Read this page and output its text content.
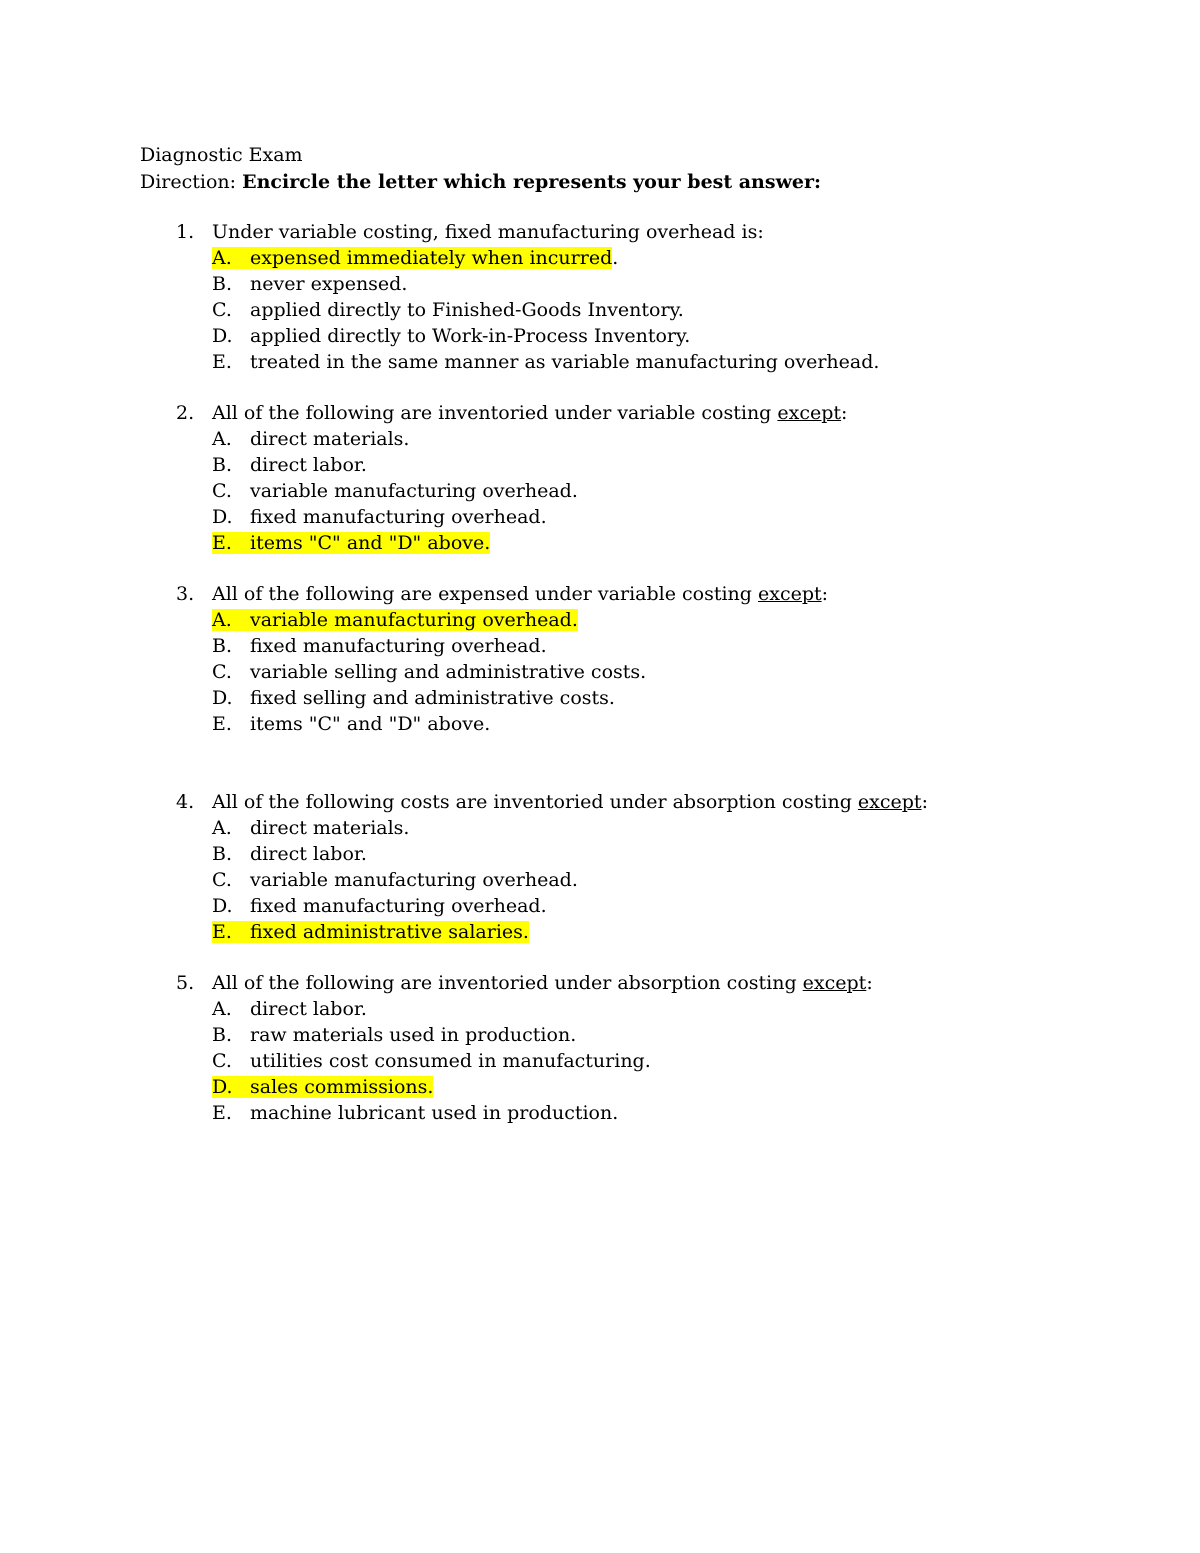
Diagnostic Exam
Direction: Encircle the letter which represents your best answer:
1. Under variable costing, fixed manufacturing overhead is:
A. expensed immediately when incurred.
B. never expensed.
C. applied directly to Finished-Goods Inventory.
D. applied directly to Work-in-Process Inventory.
E. treated in the same manner as variable manufacturing overhead.
2. All of the following are inventoried under variable costing except:
A. direct materials.
B. direct labor.
C. variable manufacturing overhead.
D. fixed manufacturing overhead.
E. items "C" and "D" above.
3. All of the following are expensed under variable costing except:
A. variable manufacturing overhead.
B. fixed manufacturing overhead.
C. variable selling and administrative costs.
D. fixed selling and administrative costs.
E. items "C" and "D" above.
4. All of the following costs are inventoried under absorption costing except:
A. direct materials.
B. direct labor.
C. variable manufacturing overhead.
D. fixed manufacturing overhead.
E. fixed administrative salaries.
5. All of the following are inventoried under absorption costing except:
A. direct labor.
B. raw materials used in production.
C. utilities cost consumed in manufacturing.
D. sales commissions.
E. machine lubricant used in production.
